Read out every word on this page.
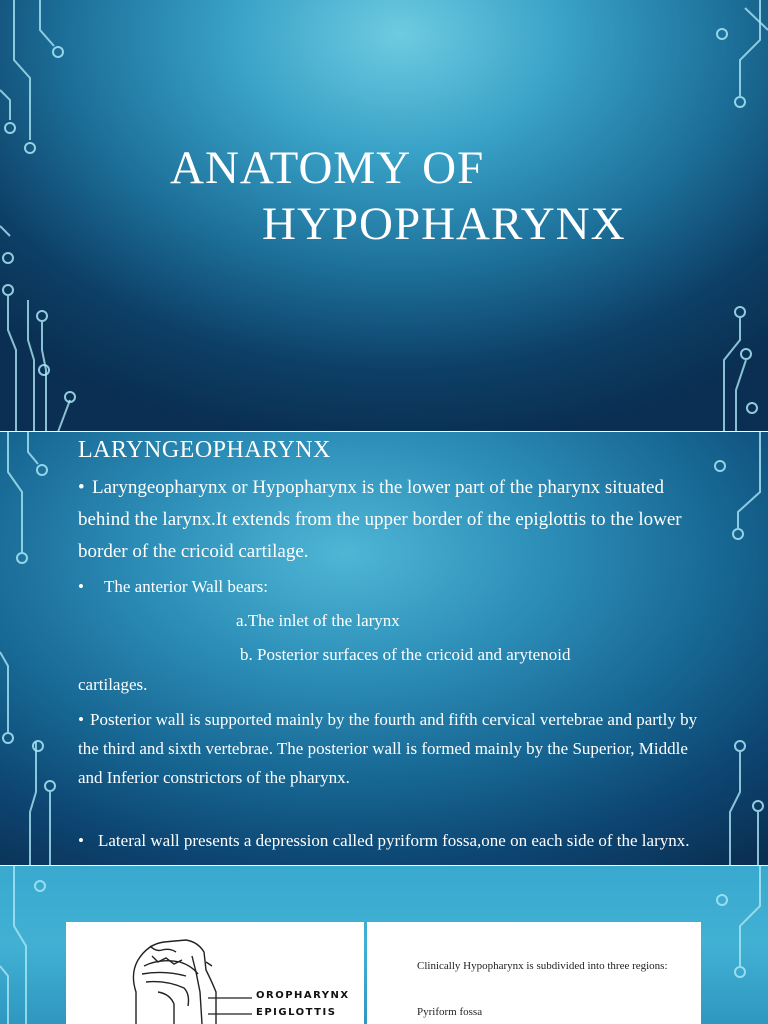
ANATOMY OF
HYPOPHARYNX
LARYNGEOPHARYNX

• Laryngeopharynx or Hypopharynx is the lower part of the pharynx situated behind the larynx.It extends from the upper border of the epiglottis to the lower border of the cricoid cartilage.

• The anterior Wall bears:

a.The inlet of the larynx

b. Posterior surfaces of the cricoid and arytenoid

cartilages.

• Posterior wall is supported mainly by the fourth and fifth cervical vertebrae and partly by the third and sixth vertebrae. The posterior wall is formed mainly by the Superior, Middle and Inferior constrictors of the pharynx.

• Lateral wall presents a depression called pyriform fossa,one on each side of the larynx.

OROPHARYNX
EPIGLOTTIS

Clinically Hypopharynx is subdivided into three regions:

Pyriform fossa
